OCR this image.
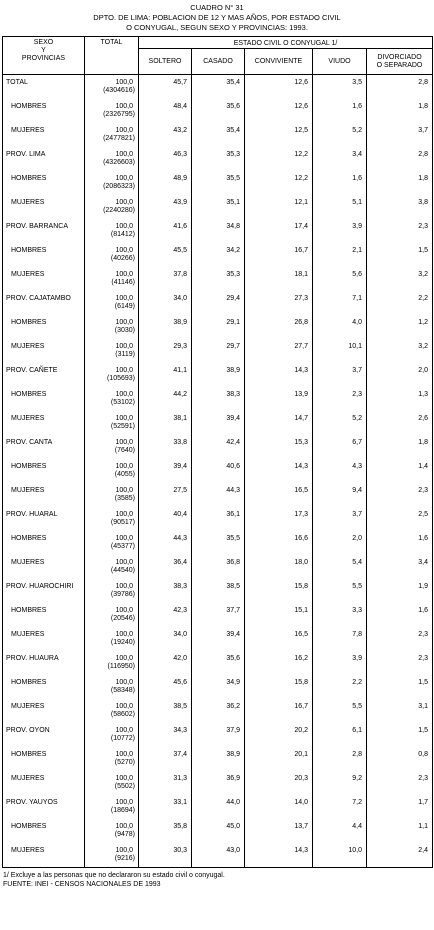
CUADRO N° 31
DPTO. DE LIMA: POBLACION DE 12 Y MAS AÑOS, POR ESTADO CIVIL
O CONYUGAL, SEGUN SEXO Y PROVINCIAS: 1993.
SEXO
Y
PROVINCIAS	TOTAL	ESTADO CIVIL O CONYUGAL 1/				
		SOLTERO	CASADO	CONVIVIENTE	VIUDO	DIVORCIADO
O SEPARADO

TOTAL	100,0
(4304616)	45,7	35,4	12,6	3,5	2,8

HOMBRES	100,0
(2326795)	48,4	35,6	12,6	1,6	1,8

MUJERES	100,0
(2477821)	43,2	35,4	12,5	5,2	3,7

PROV. LIMA	100,0
(4326603)	46,3	35,3	12,2	3,4	2,8

HOMBRES	100,0
(2086323)	48,9	35,5	12,2	1,6	1,8

MUJERES	100,0
(2240280)	43,9	35,1	12,1	5,1	3,8

PROV. BARRANCA	100,0
(81412)	41,6	34,8	17,4	3,9	2,3

HOMBRES	100,0
(40266)	45,5	34,2	16,7	2,1	1,5

MUJERES	100,0
(41146)	37,8	35,3	18,1	5,6	3,2

PROV. CAJATAMBO	100,0
(6149)	34,0	29,4	27,3	7,1	2,2

HOMBRES	100,0
(3030)	38,9	29,1	26,8	4,0	1,2

MUJERES	100,0
(3119)	29,3	29,7	27,7	10,1	3,2

PROV. CAÑETE	100,0
(105693)	41,1	38,9	14,3	3,7	2,0

HOMBRES	100,0
(53102)	44,2	38,3	13,9	2,3	1,3

MUJERES	100,0
(52591)	38,1	39,4	14,7	5,2	2,6

PROV. CANTA	100,0
(7640)	33,8	42,4	15,3	6,7	1,8

HOMBRES	100,0
(4055)	39,4	40,6	14,3	4,3	1,4

MUJERES	100,0
(3585)	27,5	44,3	16,5	9,4	2,3

PROV. HUARAL	100,0
(90517)	40,4	36,1	17,3	3,7	2,5

HOMBRES	100,0
(45377)	44,3	35,5	16,6	2,0	1,6

MUJERES	100,0
(44540)	36,4	36,8	18,0	5,4	3,4

PROV. HUAROCHIRI	100,0
(39786)	38,3	38,5	15,8	5,5	1,9

HOMBRES	100,0
(20546)	42,3	37,7	15,1	3,3	1,6

MUJERES	100,0
(19240)	34,0	39,4	16,5	7,8	2,3

PROV. HUAURA	100,0
(116950)	42,0	35,6	16,2	3,9	2,3

HOMBRES	100,0
(58348)	45,6	34,9	15,8	2,2	1,5

MUJERES	100,0
(58602)	38,5	36,2	16,7	5,5	3,1

PROV. OYON	100,0
(10772)	34,3	37,9	20,2	6,1	1,5

HOMBRES	100,0
(5270)	37,4	38,9	20,1	2,8	0,8

MUJERES	100,0
(5502)	31,3	36,9	20,3	9,2	2,3

PROV. YAUYOS	100,0
(18694)	33,1	44,0	14,0	7,2	1,7

HOMBRES	100,0
(9478)	35,8	45,0	13,7	4,4	1,1

MUJERES	100,0
(9216)	30,3	43,0	14,3	10,0	2,4
1/ Excluye a las personas que no declararon su estado civil o conyugal.
FUENTE: INEI - CENSOS NACIONALES DE 1993
